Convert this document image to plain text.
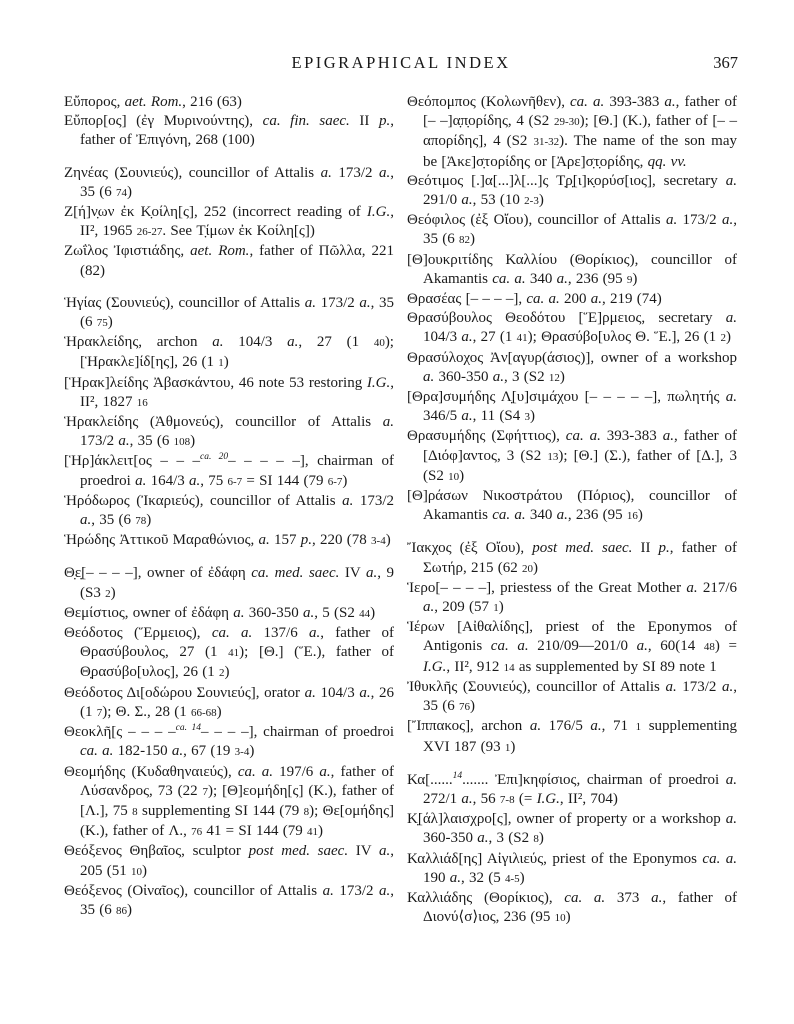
EPIGRAPHICAL INDEX	367

Εὔπορος, aet. Rom., 216 (63)

Εὔπορ[ος] (ἐγ Μυρινούντης), ca. fin. saec. II p., father of Ἐπιγόνη, 268 (100)

Ζηνέας (Σουνιεύς), councillor of Attalis a. 173/2 a., 35 (6 74)

Ζ[ή]ν̣ων ἐκ Κ̣οίλη[ς], 252 (incorrect reading of I.G., II², 1965 26-27. See Τ̣ίμων ἐκ Κοίλη[ς])

Ζωΐλος Ἰφιστιάδης, aet. Rom., father of Πῶλλα, 221 (82)

Ἡγίας (Σουνιεύς), councillor of Attalis a. 173/2 a., 35 (6 75)

Ἡρακλείδης, archon a. 104/3 a., 27 (1 40); [Ἡρακλε]ίδ[ης], 26 (1 1)

[Ἡρακ]λείδης Ἀβασκάντου, 46 note 53 restoring I.G., II², 1827 16

Ἡρακλείδης (Ἀθμονεύς), councillor of Attalis a. 173/2 a., 35 (6 108)

[Ἡρ]άκλειτ[ος – – –$^{ca. 20}$– – – – –], chairman of proedroi a. 164/3 a., 75 6-7 = SI 144 (79 6-7)

Ἡρόδωρος (Ἰκαριεύς), councillor of Attalis a. 173/2 a., 35 (6 78)

Ἡρώδης Ἀττικοῦ Μαραθώνιος, a. 157 p., 220 (78 3-4)

Θ̣ε̣[– – – –], owner of ἐδάφη ca. med. saec. IV a., 9 (S3 2)

Θεμίστιος, owner of ἐδάφη a. 360-350 a., 5 (S2 44)

Θεόδοτος (Ἕρμειος), ca. a. 137/6 a., father of Θρασύβουλος, 27 (1 41); [Θ.] (Ἕ.), father of Θ̣ρασύβο[υλος], 26 (1 2)

Θεόδοτος Δι[οδώρου Σουνιεύς], orator a. 104/3 a., 26 (1 7); Θ. Σ., 28 (1 66-68)

Θεοκλῆ[ς – – – –$^{ca. 14}$– – – –], chairman of proedroi ca. a. 182-150 a., 67 (19 3-4)

Θεομήδης (Κυδαθηναιεύς), ca. a. 197/6 a., father of Λύσανδρος, 73 (22 7); [Θ]εομήδη[ς] (Κ.), father of [Λ.], 75 8 supplementing SI 144 (79 8); Θε[ομήδης] (Κ.), father of Λ., 76 41 = SI 144 (79 41)

Θεόξενος Θηβαῖος, sculptor post med. saec. IV a., 205 (51 10)

Θεόξενος (Οἰναῖος), councillor of Attalis a. 173/2 a., 35 (6 86)

Θεόπομπος (Κολωνῆθεν), ca. a. 393-383 a., father of [– –]α̣π̣ορίδης, 4 (S2 29-30); [Θ.] (Κ.), father of [– – απορίδης], 4 (S2 31-32). The name of the son may be [Ἀκε]σ̣τορίδης or [Ἀρε]σ̣τ̣ορίδης, qq. vv.

Θεότιμος [.]α[...]λ[...]ς Τ̣ρ̣[ι]κ̣ορύσ[ιος], secretary a. 291/0 a., 53 (10 2-3)

Θεόφιλος (ἐξ Οἴου), councillor of Attalis a. 173/2 a., 35 (6 82)

[Θ]ουκριτίδης Καλλίου (Θορίκιος), councillor of Akamantis ca. a. 340 a., 236 (95 9)

Θρασέας [– – – –], ca. a. 200 a., 219 (74)

Θρασύβουλος Θεοδότου [Ἕ]ρμειος, secretary a. 104/3 a., 27 (1 41); Θρασύβο[υλος Θ. Ἕ.], 26 (1 2)

Θρασύλοχος Ἀν[αγυρ(άσιος)], owner of a workshop a. 360-350 a., 3 (S2 12)

[Θρα]συμήδης Λ̣[υ]σιμάχου [– – – – –], πωλητής a. 346/5 a., 11 (S4 3)

Θρασυμήδης (Σφήττιος), ca. a. 393-383 a., father of [Διόφ]αντος, 3 (S2 13); [Θ.] (Σ.), father of [Δ.], 3 (S2 10)

[Θ]ράσων Νικοστράτου (Πόριος), councillor of Akamantis ca. a. 340 a., 236 (95 16)

Ἴακχος (ἐξ Οἴου), post med. saec. II p., father of Σωτήρ, 215 (62 20)

Ἱερο[– – – –], priestess of the Great Mother a. 217/6 a., 209 (57 1)

Ἱέρων [Αἰθαλίδης], priest of the Eponymos of Antigonis ca. a. 210/09—201/0 a., 60(14 48) = I.G., II², 912 14 as supplemented by SI 89 note 1

Ἰθυκλῆς (Σουνιεύς), councillor of Attalis a. 173/2 a., 35 (6 76)

[Ἴππακος], archon a. 176/5 a., 71 1 supplementing XVI 187 (93 1)

Κα[......$^{14}$....... Ἐπι]κηφίσιος, chairman of proedroi a. 272/1 a., 56 7-8 (= I.G., II², 704)

Κ̣[άλ]λαισχρο[ς], owner of property or a workshop a. 360-350 a., 3 (S2 8)

Καλλιάδ[ης] Αἰγιλιεύς, priest of the Eponymos ca. a. 190 a., 32 (5 4-5)

Καλλιάδης (Θορίκιος), ca. a. 373 a., father of Διονύ⟨σ⟩ιος, 236 (95 10)
